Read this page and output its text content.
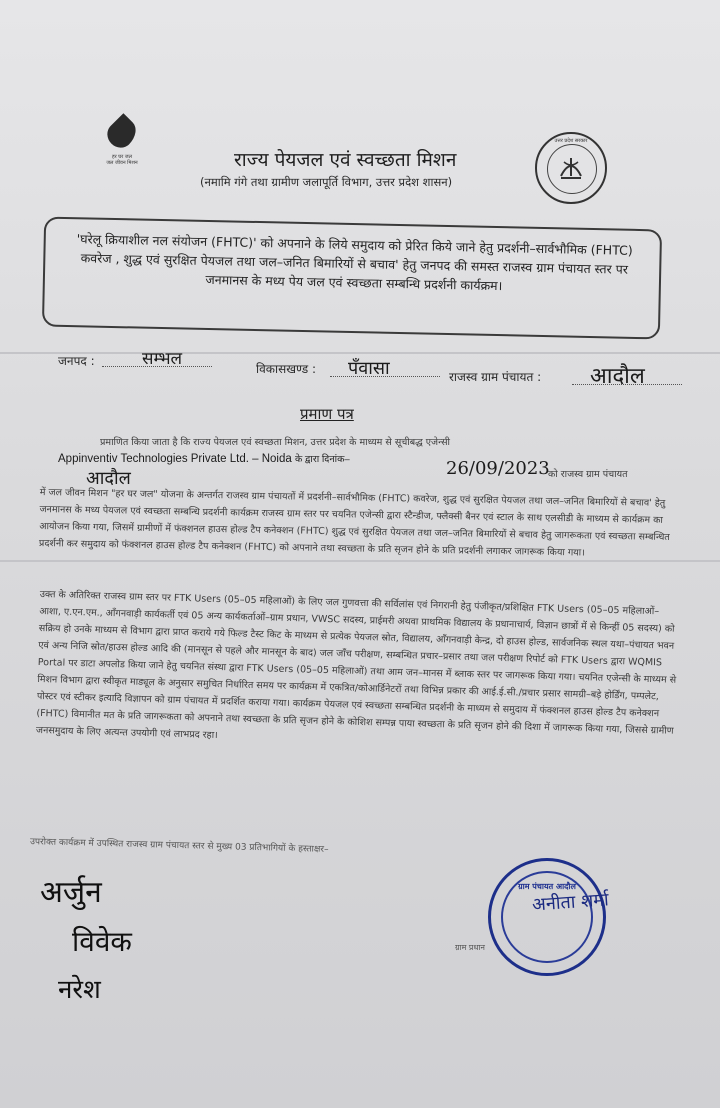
हर घर जल
जल जीवन मिशन	राज्य पेयजल एवं स्वच्छता मिशन
(नमामि गंगे तथा ग्रामीण जलापूर्ति विभाग, उत्तर प्रदेश शासन)
उत्तर प्रदेश सरकार
'घरेलू क्रियाशील नल संयोजन (FHTC)' को अपनाने के लिये समुदाय को प्रेरित किये जाने हेतु प्रदर्शनी–सार्वभौमिक (FHTC) कवरेज , शुद्ध एवं सुरक्षित पेयजल तथा जल–जनित बिमारियों से बचाव' हेतु जनपद की समस्त राजस्व ग्राम पंचायत स्तर पर जनमानस के मध्य पेय जल एवं स्वच्छता सम्बन्धि प्रदर्शनी कार्यक्रम।
जनपद :	सम्भल	विकासखण्ड : पँवासा	राजस्व ग्राम पंचायत : आदौल
प्रमाण पत्र
प्रमाणित किया जाता है कि राज्य पेयजल एवं स्वच्छता मिशन, उत्तर प्रदेश के माध्यम से सूचीबद्ध एजेन्सी
Appinventiv Technologies Private Ltd. – Noida के द्वारा दिनांक–	26/09/2023
को राजस्व ग्राम पंचायत
आदौल
में जल जीवन मिशन "हर घर जल" योजना के अन्तर्गत राजस्व ग्राम पंचायतों में प्रदर्शनी–सार्वभौमिक (FHTC) कवरेज, शुद्ध एवं सुरक्षित पेयजल तथा जल–जनित बिमारियों से बचाव' हेतु जनमानस के मध्य पेयजल एवं स्वच्छता सम्बन्धि प्रदर्शनी कार्यक्रम राजस्व ग्राम स्तर पर चयनित एजेन्सी द्वारा स्टैन्डीज, फ्लैक्सी बैनर एवं स्टाल के साथ एलसीडी के माध्यम से कार्यक्रम का आयोजन किया गया, जिसमें ग्रामीणों में फंक्शनल हाउस होल्ड टैप कनेक्शन (FHTC) शुद्ध एवं सुरक्षित पेयजल तथा जल–जनित बिमारियों से बचाव हेतु जागरूकता एवं स्वच्छता सम्बन्धित प्रदर्शनी कर समुदाय को फंक्शनल हाउस होल्ड टैप कनेक्शन (FHTC) को अपनाने तथा स्वच्छता के प्रति सृजन होने के प्रति प्रदर्शनी लगाकर जागरूक किया गया।
उक्त के अतिरिक्त राजस्व ग्राम स्तर पर FTK Users (05–05 महिलाओं) के लिए जल गुणवत्ता की सर्विलांस एवं निगरानी हेतु पंजीकृत/प्रशिक्षित FTK Users (05–05 महिलाओं–आशा, ए.एन.एम., आँगनवाड़ी कार्यकर्ती एवं 05 अन्य कार्यकर्ताओं–ग्राम प्रधान, VWSC सदस्य, प्राईमरी अथवा प्राथमिक विद्यालय के प्रधानाचार्य, विज्ञान छात्रों में से किन्हीं 05 सदस्य) को सक्रिय हो उनके माध्यम से विभाग द्वारा प्राप्त कराये गये फिल्ड टैस्ट किट के माध्यम से प्रत्येक पेयजल स्रोत, विद्यालय, आँगनवाड़ी केन्द्र, दो हाउस होल्ड, सार्वजनिक स्थल यथा–पंचायत भवन एवं अन्य निजि स्रोत/हाउस होल्ड आदि की (मानसून से पहले और मानसून के बाद) जल जाँच परीक्षण, सम्बन्धित प्रचार–प्रसार तथा जल परीक्षण रिपोर्ट को FTK Users द्वारा WQMIS Portal पर डाटा अपलोड किया जाने हेतु चयनित संस्था द्वारा FTK Users (05–05 महिलाओं) तथा आम जन–मानस में ब्लाक स्तर पर जागरूक किया गया। चयनित एजेन्सी के माध्यम से मिशन विभाग द्वारा स्वीकृत माड्यूल के अनुसार समुचित निर्धारित समय पर कार्यक्रम में एकत्रित/कोआर्डिनेटरों तथा विभिन्न प्रकार की आई.ई.सी./प्रचार प्रसार सामग्री–बड़े होर्डिंग, पम्पलेट, पोस्टर एवं स्टीकर इत्यादि विज्ञापन को ग्राम पंचायत में प्रदर्शित कराया गया। कार्यक्रम पेयजल एवं स्वच्छता सम्बन्धित प्रदर्शनी के माध्यम से समुदाय में फंक्शनल हाउस होल्ड टैप कनेक्शन (FHTC) विमानीत मत के प्रति जागरूकता को अपनाने तथा स्वच्छता के प्रति सृजन होने के कोशिश सम्पन्न पाया स्वच्छता के प्रति सृजन होने की दिशा में जागरूक किया गया, जिससे ग्रामीण जनसमुदाय के लिए अत्यन्त उपयोगी एवं लाभप्रद रहा।
उपरोक्त कार्यक्रम में उपस्थित राजस्व ग्राम पंचायत स्तर से मुख्य 03 प्रतिभागियों के हस्ताक्षर–
अर्जुन
विवेक
नरेश
ग्राम पंचायत आदौल
अनीता शर्मा
ग्राम प्रधान
